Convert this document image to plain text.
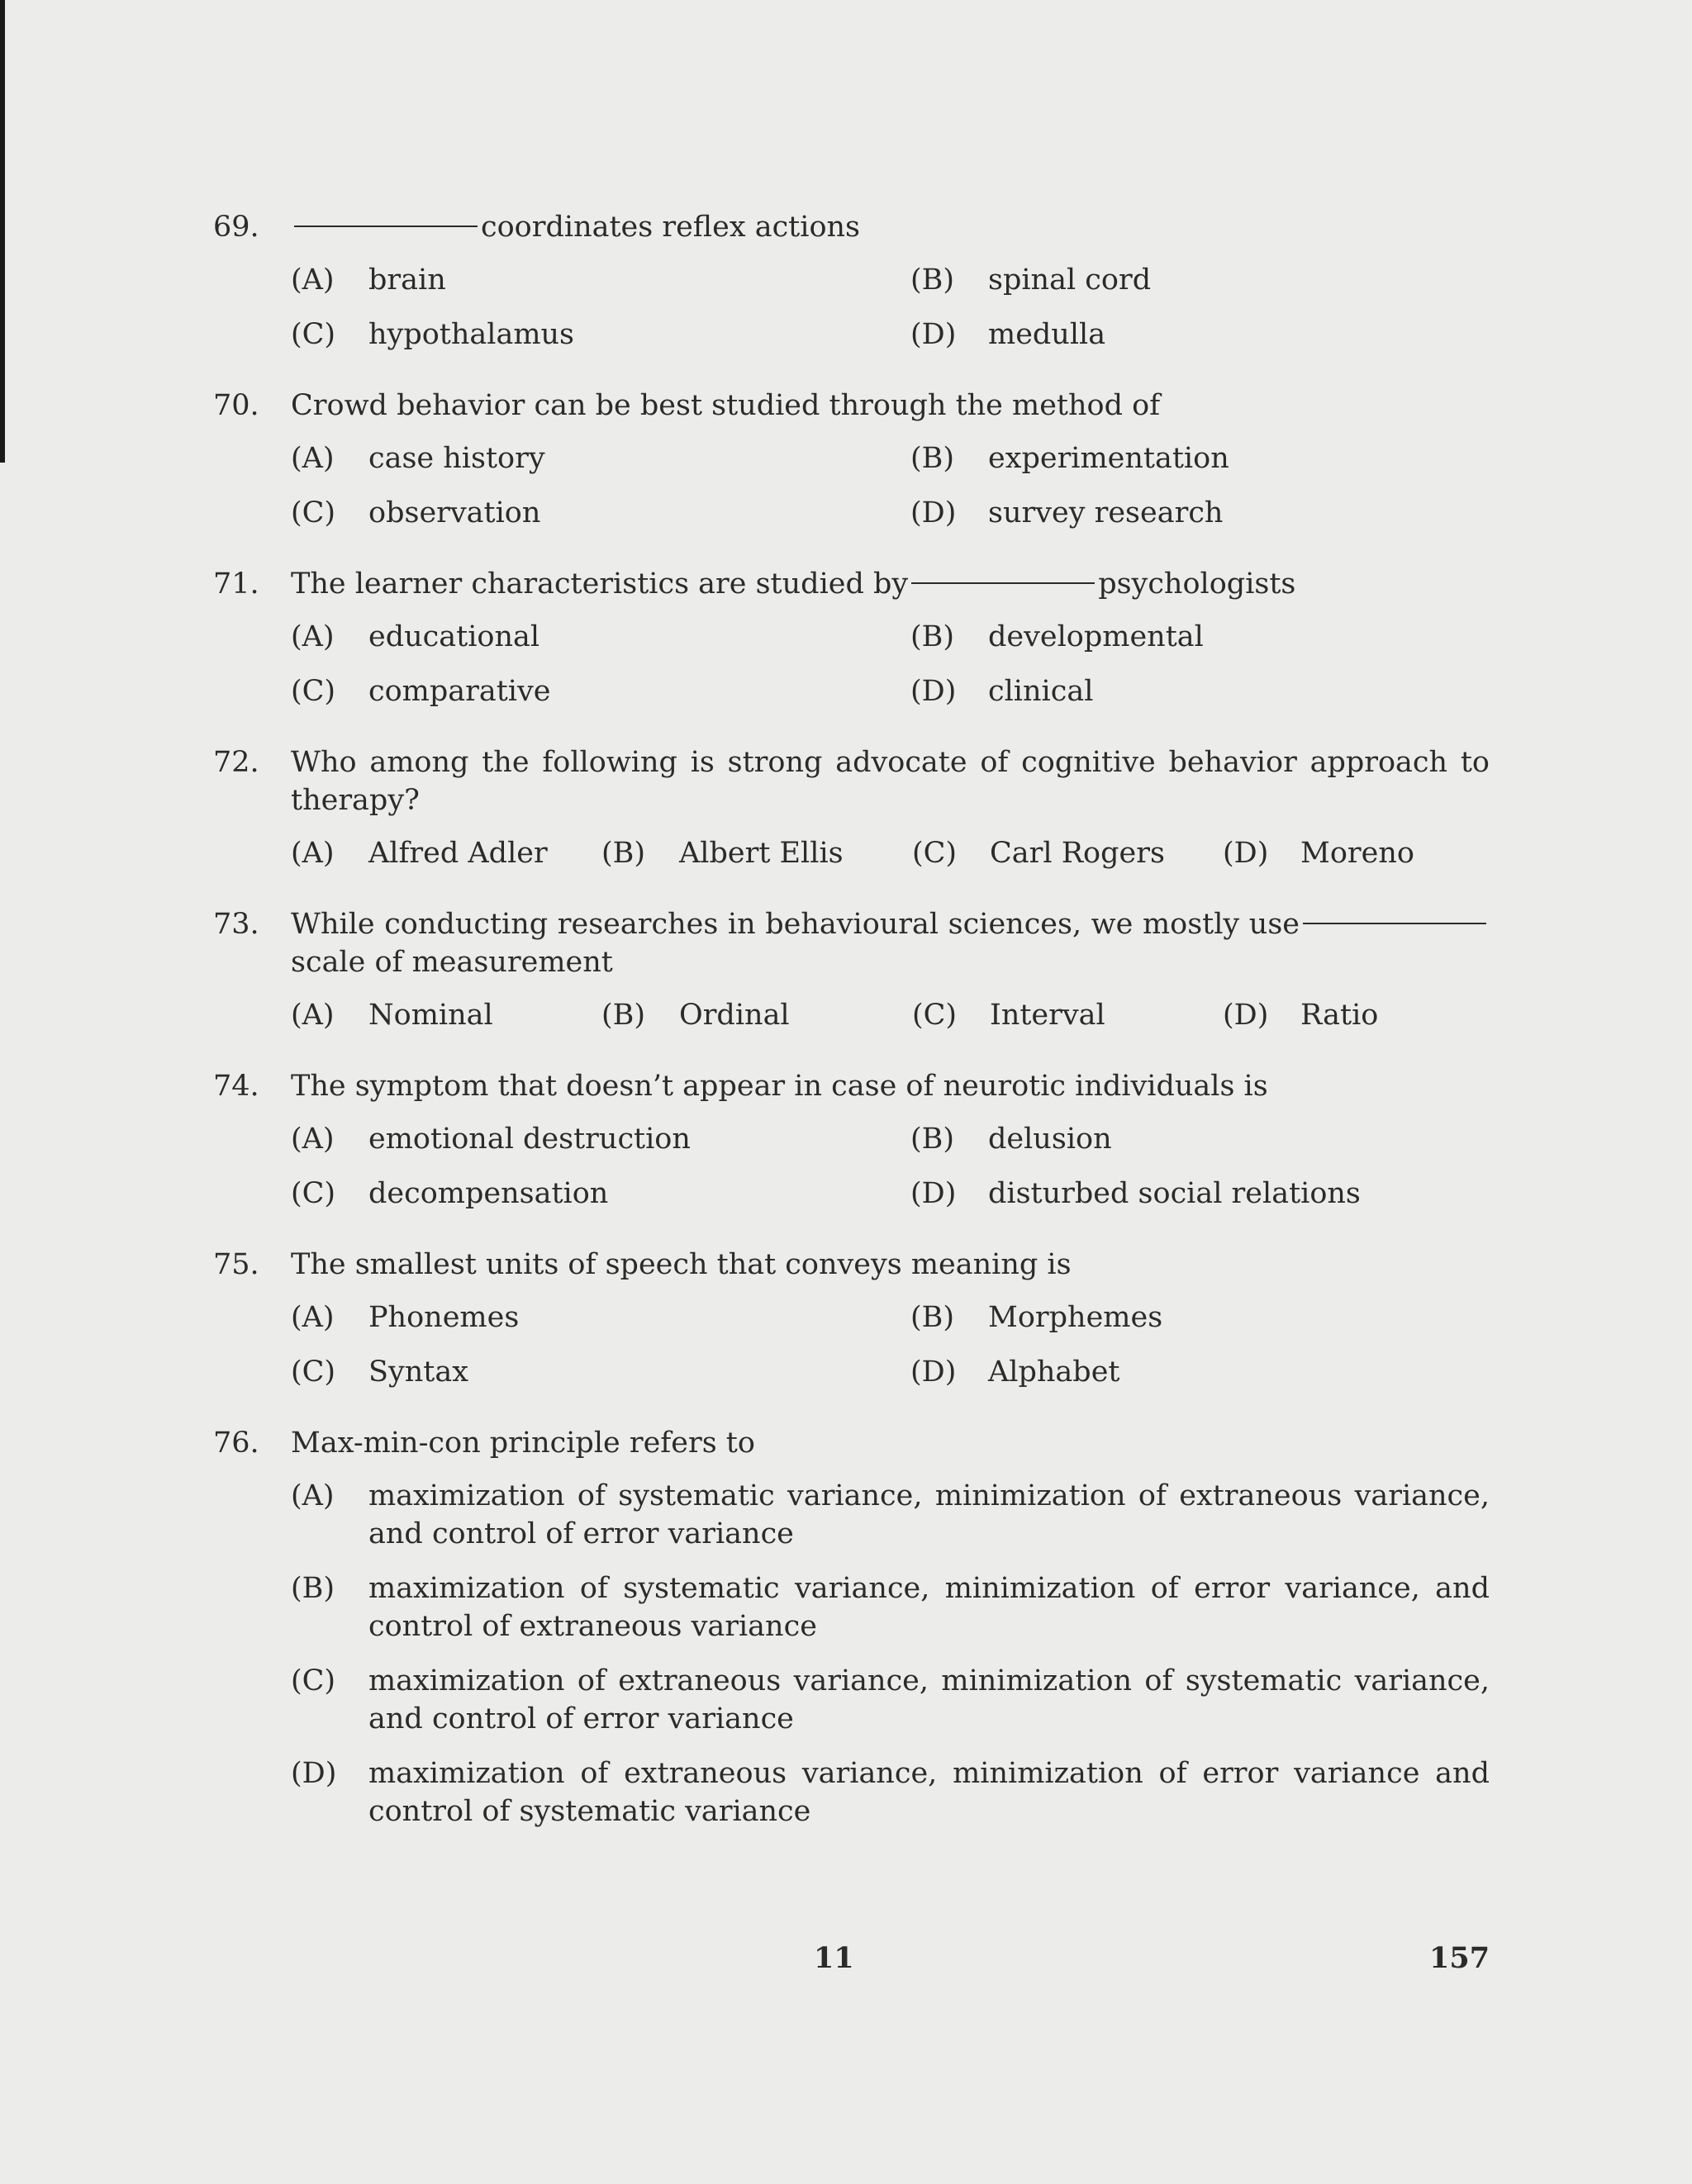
69.	coordinates reflex actions
(A)	brain	(B)	spinal cord
(C)	hypothalamus	(D)	medulla
70.	Crowd behavior can be best studied through the method of
(A)	case history	(B)	experimentation
(C)	observation	(D)	survey research
71.	The learner characteristics are studied by	psychologists
(A)	educational	(B)	developmental
(C)	comparative	(D)	clinical
72.	Who among the following is strong advocate of cognitive behavior approach to therapy?
(A)	Alfred Adler	(B)	Albert Ellis	(C)	Carl Rogers	(D)	Moreno
73.	While conducting researches in behavioural sciences, we mostly usescale of measurement
(A)	Nominal	(B)	Ordinal	(C)	Interval	(D)	Ratio
74.	The symptom that doesn’t appear in case of neurotic individuals is
(A)	emotional destruction	(B)	delusion
(C)	decompensation	(D)	disturbed social relations
75.	The smallest units of speech that conveys meaning is
(A)	Phonemes	(B)	Morphemes
(C)	Syntax	(D)	Alphabet
76.	Max-min-con principle refers to
(A)	maximization of systematic variance, minimization of extraneous variance, and control of error variance
(B)	maximization of systematic variance, minimization of error variance, and control of extraneous variance
(C)	maximization of extraneous variance, minimization of systematic variance, and control of error variance
(D)	maximization of extraneous variance, minimization of error variance and control of systematic variance
11	157
